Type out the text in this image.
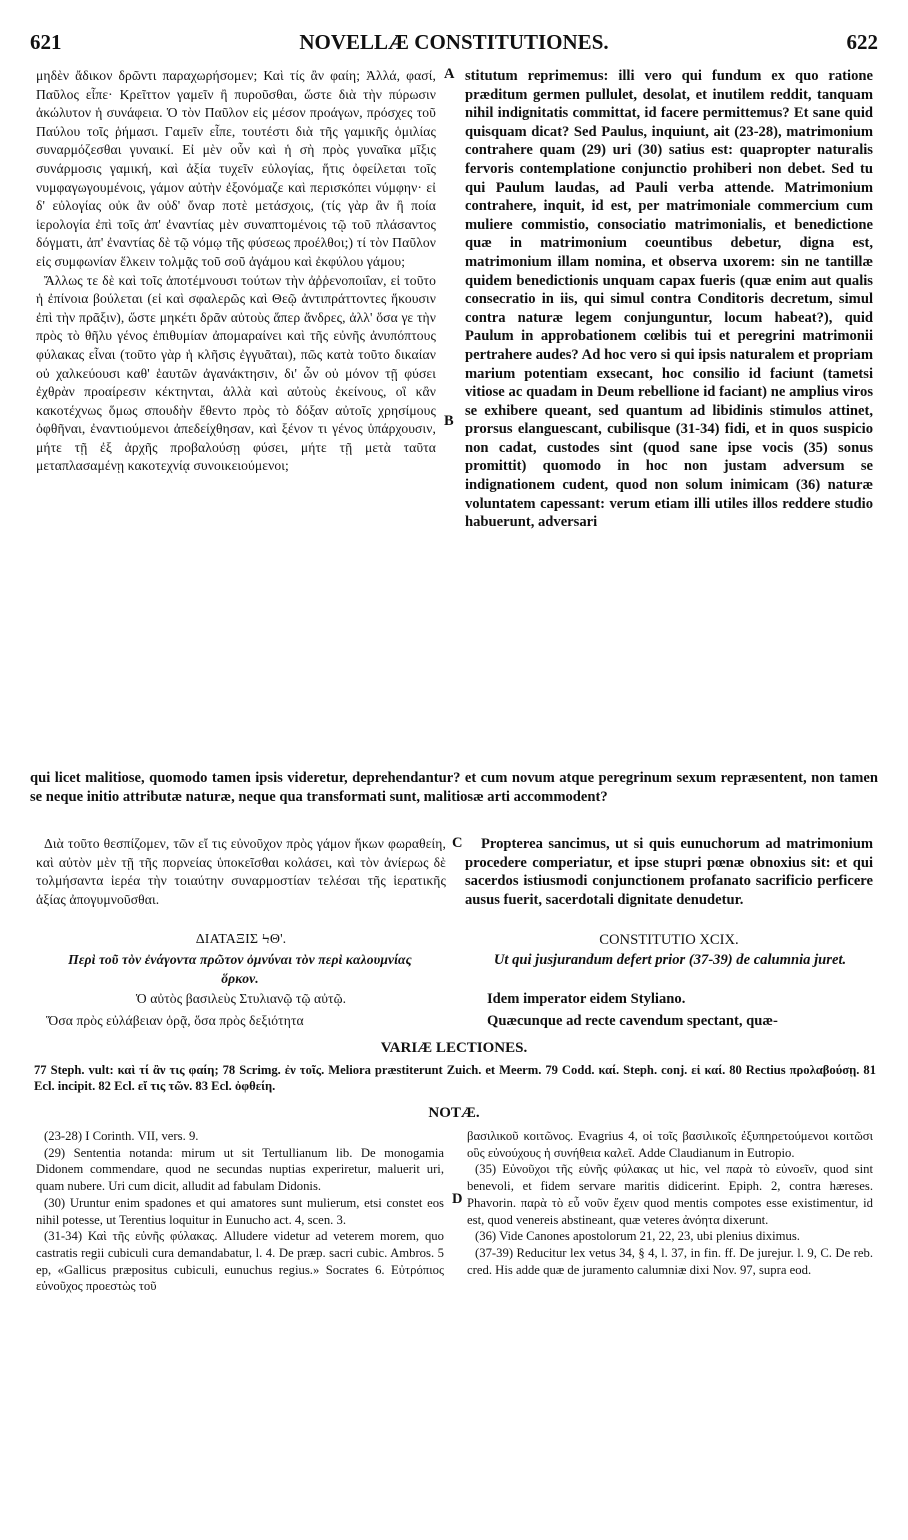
621	NOVELLÆ CONSTITUTIONES.	622
A
B
C
D

μηδὲν ἄδικον δρῶντι παραχωρήσομεν; Καὶ τίς ἂν φαίη; Ἀλλά, φασί, Παῦλος εἶπε· Κρεῖττον γαμεῖν ἢ πυροῦσθαι, ὥστε διὰ τὴν πύρωσιν ἀκώλυτον ἡ συνάφεια. Ὁ τὸν Παῦλον εἰς μέσον προάγων, πρόσχες τοῦ Παύλου τοῖς ῥήμασι. Γαμεῖν εἶπε, τουτέστι διὰ τῆς γαμικῆς ὁμιλίας συναρμόζεσθαι γυναικί. Εἰ μὲν οὖν καὶ ἡ σὴ πρὸς γυναῖκα μῖξις συνάρμοσις γαμική, καὶ ἀξία τυχεῖν εὐλογίας, ἥτις ὀφείλεται τοῖς νυμφαγωγουμένοις, γάμον αὐτὴν ἐξονόμαζε καὶ περισκόπει νύμφην· εἰ δ' εὐλογίας οὐκ ἂν οὐδ' ὄναρ ποτὲ μετάσχοις, (τίς γὰρ ἂν ἢ ποία ἱερολογία ἐπὶ τοῖς ἀπ' ἐναντίας μὲν συναπτομένοις τῷ τοῦ πλάσαντος δόγματι, ἀπ' ἐναντίας δὲ τῷ νόμῳ τῆς φύσεως προέλθοι;) τί τὸν Παῦλον εἰς συμφωνίαν ἕλκειν τολμᾷς τοῦ σοῦ ἀγάμου καὶ ἐκφύλου γάμου;

Ἄλλως τε δὲ καὶ τοῖς ἀποτέμνουσι τούτων τὴν ἀῤῥενοποιΐαν, εἰ τοῦτο ἡ ἐπίνοια βούλεται (εἰ καὶ σφαλερῶς καὶ Θεῷ ἀντιπράττοντες ἥκουσιν ἐπὶ τὴν πρᾶξιν), ὥστε μηκέτι δρᾶν αὐτοὺς ἅπερ ἄνδρες, ἀλλ' ὅσα γε τὴν πρὸς τὸ θῆλυ γένος ἐπιθυμίαν ἀπομαραίνει καὶ τῆς εὐνῆς ἀνυπόπτους φύλακας εἶναι (τοῦτο γὰρ ἡ κλῆσις ἐγγυᾶται), πῶς κατὰ τοῦτο δικαίαν οὐ χαλκεύουσι καθ' ἑαυτῶν ἀγανάκτησιν, δι' ὧν οὐ μόνον τῇ φύσει ἐχθρὰν προαίρεσιν κέκτηνται, ἀλλὰ καὶ αὐτοὺς ἐκείνους, οἳ κἂν κακοτέχνως ὅμως σπουδὴν ἔθεντο πρὸς τὸ δόξαν αὐτοῖς χρησίμους ὀφθῆναι, ἐναντιούμενοι ἀπεδείχθησαν, καὶ ξένον τι γένος ὑπάρχουσιν, μήτε τῇ ἐξ ἀρχῆς προβαλούσῃ φύσει, μήτε τῇ μετὰ ταῦτα μεταπλασαμένῃ κακοτεχνίᾳ συνοικειούμενοι;

stitutum reprimemus: illi vero qui fundum ex quo ratione præditum germen pullulet, desolat, et inutilem reddit, tanquam nihil indignitatis committat, id facere permittemus? Et sane quid quisquam dicat? Sed Paulus, inquiunt, ait (23-28), matrimonium contrahere quam (29) uri (30) satius est: quapropter naturalis fervoris contemplatione conjunctio prohiberi non debet. Sed tu qui Paulum laudas, ad Pauli verba attende. Matrimonium contrahere, inquit, id est, per matrimoniale commercium cum muliere commistio, consociatio matrimonialis, et benedictione quæ in matrimonium coeuntibus debetur, digna est, matrimonium illam nomina, et observa uxorem: sin ne tantillæ quidem benedictionis unquam capax fueris (quæ enim aut qualis consecratio in iis, qui simul contra Conditoris decretum, simul contra naturæ legem conjunguntur, locum habeat?), quid Paulum in approbationem cœlibis tui et peregrini matrimonii pertrahere audes? Ad hoc vero si qui ipsis naturalem et propriam marium potentiam exsecant, hoc consilio id faciunt (tametsi vitiose ac quadam in Deum rebellione id faciant) ne amplius viros se exhibere queant, sed quantum ad libidinis stimulos attinet, prorsus elanguescant, cubilisque (31-34) fidi, et in quos suspicio non cadat, custodes sint (quod sane ipse vocis (35) sonus promittit) quomodo in hoc non justam adversum se indignationem cudent, quod non solum inimicam (36) naturæ voluntatem capessant: verum etiam illi utiles illos reddere studio habuerunt, adversari

qui licet malitiose, quomodo tamen ipsis videretur, deprehendantur? et cum novum atque peregrinum sexum repræsentent, non tamen se neque initio attributæ naturæ, neque qua transformati sunt, malitiosæ arti accommodent?
Διὰ τοῦτο θεσπίζομεν, τῶν εἴ τις εὐνοῦχον πρὸς γάμον ἥκων φωραθείη, καὶ αὐτὸν μὲν τῇ τῆς πορνείας ὑποκεῖσθαι κολάσει, καὶ τὸν ἀνίερως δὲ τολμήσαντα ἱερέα τὴν τοιαύτην συναρμοστίαν τελέσαι τῆς ἱερατικῆς ἀξίας ἀπογυμνοῦσθαι.
Propterea sancimus, ut si quis eunuchorum ad matrimonium procedere comperiatur, et ipse stupri pœnæ obnoxius sit: et qui sacerdos istiusmodi conjunctionem profanato sacrificio perficere ausus fuerit, sacerdotali dignitate denudetur.
ΔΙΑΤΑΞΙΣ ϞΘ'.
Περὶ τοῦ τὸν ἐνάγοντα πρῶτον ὀμνύναι τὸν περὶ καλουμνίας ὅρκον.
Ὁ αὐτὸς βασιλεὺς Στυλιανῷ τῷ αὐτῷ.
Ὅσα πρὸς εὐλάβειαν ὁρᾷ, ὅσα πρὸς δεξιότητα
CONSTITUTIO XCIX.
Ut qui jusjurandum defert prior (37-39) de calumnia juret.
Idem imperator eidem Styliano.
Quæcunque ad recte cavendum spectant, quæ-
VARIÆ LECTIONES.
77 Steph. vult: καὶ τί ἂν τις φαίη; 78 Scrimg. ἐν τοῖς. Meliora præstiterunt Zuich. et Meerm. 79 Codd. καί. Steph. conj. εἰ καί. 80 Rectius προλαβούσῃ. 81 Ecl. incipit. 82 Ecl. εἴ τις τῶν. 83 Ecl. ὀφθείη.
NOTÆ.

(23-28) I Corinth. VII, vers. 9.

(29) Sententia notanda: mirum ut sit Tertullianum lib. De monogamia Didonem commendare, quod ne secundas nuptias experiretur, maluerit uri, quam nubere. Uri cum dicit, alludit ad fabulam Didonis.

(30) Uruntur enim spadones et qui amatores sunt mulierum, etsi constet eos nihil potesse, ut Terentius loquitur in Eunucho act. 4, scen. 3.

(31-34) Καὶ τῆς εὐνῆς φύλακας. Alludere videtur ad veterem morem, quo castratis regii cubiculi cura demandabatur, l. 4. De præp. sacri cubic. Ambros. 5 ep, «Gallicus præpositus cubiculi, eunuchus regius.» Socrates 6. Εὐτρόπιος εὐνοῦχος προεστὼς τοῦ

βασιλικοῦ κοιτῶνος. Evagrius 4, οἱ τοῖς βασιλικοῖς ἐξυπηρετούμενοι κοιτῶσι οὓς εὐνούχους ἡ συνήθεια καλεῖ. Adde Claudianum in Eutropio.

(35) Εὐνοῦχοι τῆς εὐνῆς φύλακας ut hic, vel παρὰ τὸ εὐνοεῖν, quod sint benevoli, et fidem servare maritis didicerint. Epiph. 2, contra hæreses. Phavorin. παρὰ τὸ εὖ νοῦν ἔχειν quod mentis compotes esse existimentur, id est, quod venereis abstineant, quæ veteres ἀνόητα dixerunt.

(36) Vide Canones apostolorum 21, 22, 23, ubi plenius diximus.

(37-39) Reducitur lex vetus 34, § 4, l. 37, in fin. ff. De jurejur. l. 9, C. De reb. cred. His adde quæ de juramento calumniæ dixi Nov. 97, supra eod.
